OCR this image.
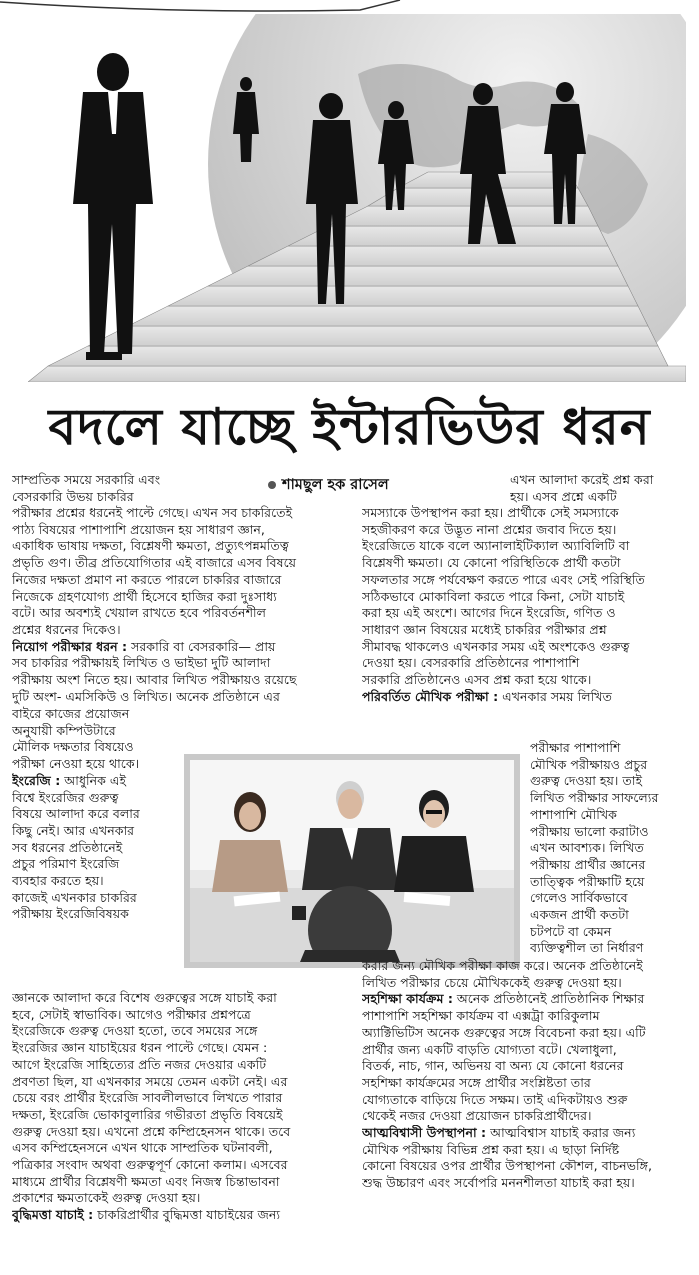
বদলে যাচ্ছে ইন্টারভিউর ধরন
শামছুল হক রাসেল
সাম্প্রতিক সময়ে সরকারি এবং
বেসরকারি উভয় চাকরির
পরীক্ষার প্রশ্নের ধরনেই পাল্টে গেছে। এখন সব চাকরিতেই
পাঠ্য বিষয়ের পাশাপাশি প্রয়োজন হয় সাধারণ জ্ঞান,
একাধিক ভাষায় দক্ষতা, বিশ্লেষণী ক্ষমতা, প্রত্যুৎপন্নমতিত্ব
প্রভৃতি গুণ। তীব্র প্রতিযোগিতার এই বাজারে এসব বিষয়ে
নিজের দক্ষতা প্রমাণ না করতে পারলে চাকরির বাজারে
নিজেকে গ্রহণযোগ্য প্রার্থী হিসেবে হাজির করা দুঃসাধ্য
বটে। আর অবশ্যই খেয়াল রাখতে হবে পরিবর্তনশীল
প্রশ্নের ধরনের দিকেও।
নিয়োগ পরীক্ষার ধরন : সরকারি বা বেসরকারি— প্রায়
সব চাকরির পরীক্ষায়ই লিখিত ও ভাইভা দুটি আলাদা
পরীক্ষায় অংশ নিতে হয়। আবার লিখিত পরীক্ষায়ও রয়েছে
দুটি অংশ- এমসিকিউ ও লিখিত। অনেক প্রতিষ্ঠানে এর
বাইরে কাজের প্রয়োজন
অনুযায়ী কম্পিউটারে
মৌলিক দক্ষতার বিষয়েও
পরীক্ষা নেওয়া হয়ে থাকে।
ইংরেজি : আধুনিক এই
বিশ্বে ইংরেজির গুরুত্ব
বিষয়ে আলাদা করে বলার
কিছু নেই। আর এখনকার
সব ধরনের প্রতিষ্ঠানেই
প্রচুর পরিমাণ ইংরেজি
ব্যবহার করতে হয়।
কাজেই এখনকার চাকরির
পরীক্ষায় ইংরেজিবিষয়ক
জ্ঞানকে আলাদা করে বিশেষ গুরুত্বের সঙ্গে যাচাই করা
হবে, সেটাই স্বাভাবিক। আগেও পরীক্ষার প্রশ্নপত্রে
ইংরেজিকে গুরুত্ব দেওয়া হতো, তবে সময়ের সঙ্গে
ইংরেজির জ্ঞান যাচাইয়ের ধরন পাল্টে গেছে। যেমন :
আগে ইংরেজি সাহিত্যের প্রতি নজর দেওয়ার একটি
প্রবণতা ছিল, যা এখনকার সময়ে তেমন একটা নেই। এর
চেয়ে বরং প্রার্থীর ইংরেজি সাবলীলভাবে লিখতে পারার
দক্ষতা, ইংরেজি ভোকাবুলারির গভীরতা প্রভৃতি বিষয়েই
গুরুত্ব দেওয়া হয়। এখনো প্রশ্নে কম্প্রিহেনসন থাকে। তবে
এসব কম্প্রিহেনসনে এখন থাকে সাম্প্রতিক ঘটনাবলী,
পত্রিকার সংবাদ অথবা গুরুত্বপূর্ণ কোনো কলাম। এসবের
মাধ্যমে প্রার্থীর বিশ্লেষণী ক্ষমতা এবং নিজস্ব চিন্তাভাবনা
প্রকাশের ক্ষমতাকেই গুরুত্ব দেওয়া হয়।
বুদ্ধিমত্তা যাচাই : চাকরিপ্রার্থীর বুদ্ধিমত্তা যাচাইয়ের জন্য
এখন আলাদা করেই প্রশ্ন করা
হয়। এসব প্রশ্নে একটি
সমস্যাকে উপস্থাপন করা হয়। প্রার্থীকে সেই সমস্যাকে
সহজীকরণ করে উদ্ভূত নানা প্রশ্নের জবাব দিতে হয়।
ইংরেজিতে যাকে বলে অ্যানালাইটিক্যাল অ্যাবিলিটি বা
বিশ্লেষণী ক্ষমতা। যে কোনো পরিস্থিতিকে প্রার্থী কতটা
সফলতার সঙ্গে পর্যবেক্ষণ করতে পারে এবং সেই পরিস্থিতি
সঠিকভাবে মোকাবিলা করতে পারে কিনা, সেটা যাচাই
করা হয় এই অংশে। আগের দিনে ইংরেজি, গণিত ও
সাধারণ জ্ঞান বিষয়ের মধ্যেই চাকরির পরীক্ষার প্রশ্ন
সীমাবদ্ধ থাকলেও এখনকার সময় এই অংশকেও গুরুত্ব
দেওয়া হয়। বেসরকারি প্রতিষ্ঠানের পাশাপাশি
সরকারি প্রতিষ্ঠানেও এসব প্রশ্ন করা হয়ে থাকে।
পরিবর্তিত মৌখিক পরীক্ষা : এখনকার সময় লিখিত
পরীক্ষার পাশাপাশি
মৌখিক পরীক্ষায়ও প্রচুর
গুরুত্ব দেওয়া হয়। তাই
লিখিত পরীক্ষার সাফল্যের
পাশাপাশি মৌখিক
পরীক্ষায় ভালো করাটাও
এখন আবশ্যক। লিখিত
পরীক্ষায় প্রার্থীর জ্ঞানের
তাত্ত্বিক পরীক্ষাটি হয়ে
গেলেও সার্বিকভাবে
একজন প্রার্থী কতটা
চটপটে বা কেমন
ব্যক্তিত্বশীল তা নির্ধারণ
করার জন্য মৌখিক পরীক্ষা কাজ করে। অনেক প্রতিষ্ঠানেই
লিখিত পরীক্ষার চেয়ে মৌখিককেই গুরুত্ব দেওয়া হয়।
সহশিক্ষা কার্যক্রম : অনেক প্রতিষ্ঠানেই প্রাতিষ্ঠানিক শিক্ষার
পাশাপাশি সহশিক্ষা কার্যক্রম বা এক্সট্রা কারিকুলাম
অ্যাক্টিভিটিস অনেক গুরুত্বের সঙ্গে বিবেচনা করা হয়। এটি
প্রার্থীর জন্য একটি বাড়তি যোগ্যতা বটে। খেলাধুলা,
বিতর্ক, নাচ, গান, অভিনয় বা অন্য যে কোনো ধরনের
সহশিক্ষা কার্যক্রমের সঙ্গে প্রার্থীর সংশ্লিষ্টতা তার
যোগ্যতাকে বাড়িয়ে দিতে সক্ষম। তাই এদিকটায়ও শুরু
থেকেই নজর দেওয়া প্রয়োজন চাকরিপ্রার্থীদের।
আত্মবিশ্বাসী উপস্থাপনা : আত্মবিশ্বাস যাচাই করার জন্য
মৌখিক পরীক্ষায় বিভিন্ন প্রশ্ন করা হয়। এ ছাড়া নির্দিষ্ট
কোনো বিষয়ের ওপর প্রার্থীর উপস্থাপনা কৌশল, বাচনভঙ্গি,
শুদ্ধ উচ্চারণ এবং সর্বোপরি মননশীলতা যাচাই করা হয়।
